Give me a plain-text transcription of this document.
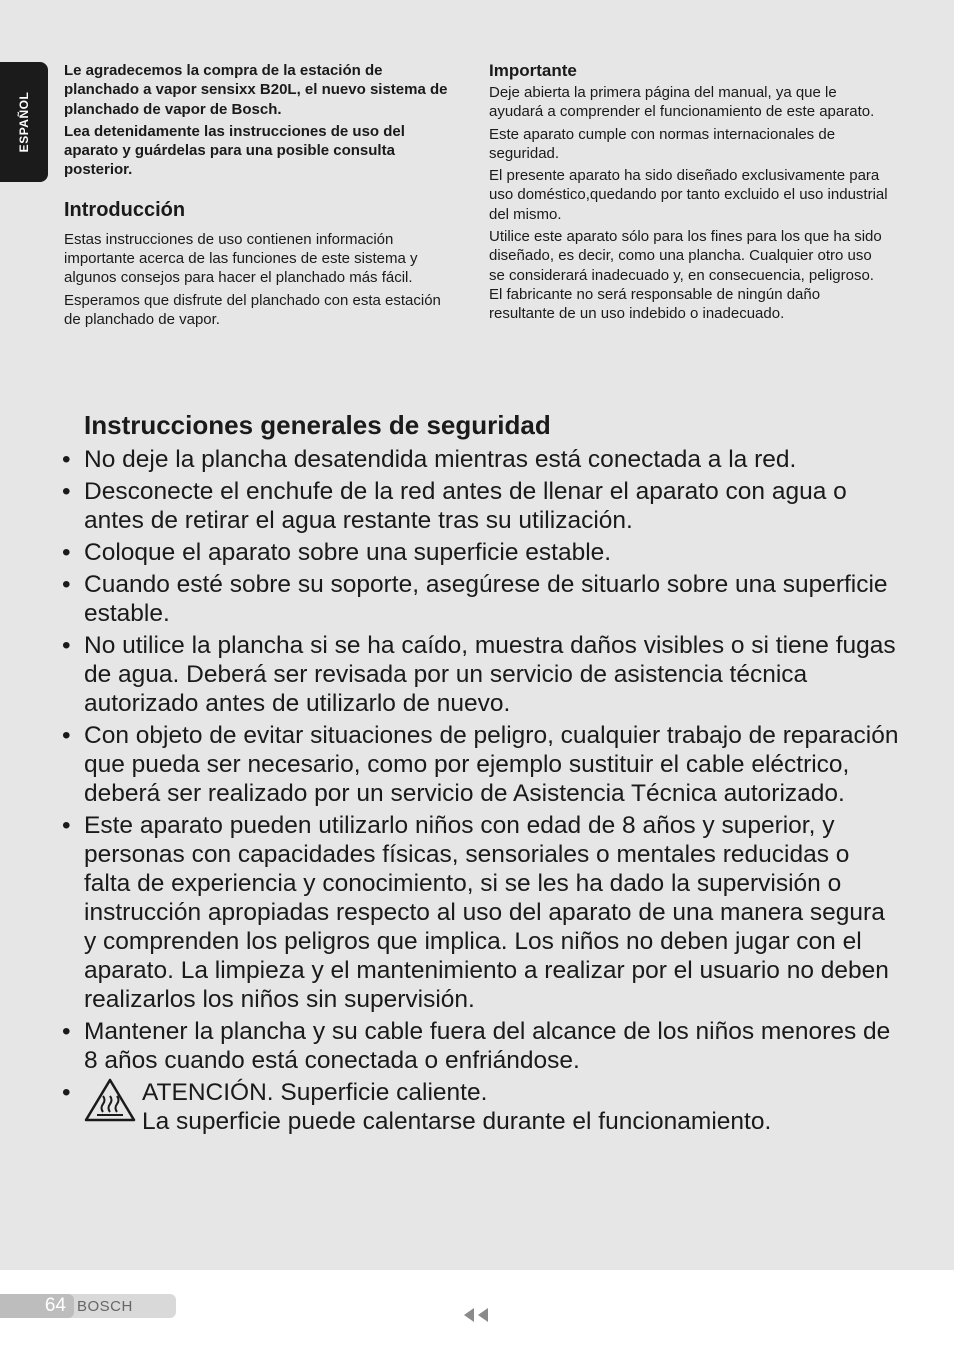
ESPAÑOL

Le agradecemos la compra de la estación de planchado a vapor sensixx B20L, el nuevo sistema de planchado de vapor de Bosch.

Lea detenidamente las instrucciones de uso del aparato y guárdelas para una posible consulta posterior.

Introducción

Estas instrucciones de uso contienen información importante acerca de las funciones de este sistema y algunos consejos para hacer el planchado más fácil.

Esperamos que disfrute del planchado con esta estación de planchado de vapor.

Importante

Deje abierta la primera página del manual, ya que le ayudará a comprender el funcionamiento de este aparato.

Este aparato cumple con normas internacionales de seguridad.

El presente aparato ha sido diseñado exclusivamente para uso doméstico,quedando por tanto excluido el uso industrial del mismo.

Utilice este aparato sólo para los fines para los que ha sido diseñado, es decir, como una plancha. Cualquier otro uso se considerará inadecuado y, en consecuencia, peligroso. El fabricante no será responsable de ningún daño resultante de un uso indebido o inadecuado.

Instrucciones generales de seguridad
• No deje la plancha desatendida mientras está conectada a la red.
• Desconecte el enchufe de la red antes de llenar el aparato con agua o antes de retirar el agua restante tras su utilización.
• Coloque el aparato sobre una superficie estable.
• Cuando esté sobre su soporte, asegúrese de situarlo sobre una superficie estable.
• No utilice la plancha si se ha caído, muestra daños visibles o si tiene fugas de agua. Deberá ser revisada por un servicio de asistencia técnica autorizado antes de utilizarlo de nuevo.
• Con objeto de evitar situaciones de peligro, cualquier trabajo de reparación que pueda ser necesario, como por ejemplo sustituir el cable eléctrico, deberá ser realizado por un servicio de Asistencia Técnica autorizado.
• Este aparato pueden utilizarlo niños con edad de 8 años y superior, y personas con capacidades físicas, sensoriales o mentales reducidas o falta de experiencia y conocimiento, si se les ha dado la supervisión o instrucción apropiadas respecto al uso del aparato de una manera segura y comprenden los peligros que implica. Los niños no deben jugar con el aparato. La limpieza y el mantenimiento a realizar por el usuario no deben realizarlos los niños sin supervisión.
• Mantener la plancha y su cable fuera del alcance de los niños menores de 8 años cuando está conectada o enfriándose.
•	ATENCIÓN. Superficie caliente.
La superficie puede calentarse durante el funcionamiento.
64 BOSCH
